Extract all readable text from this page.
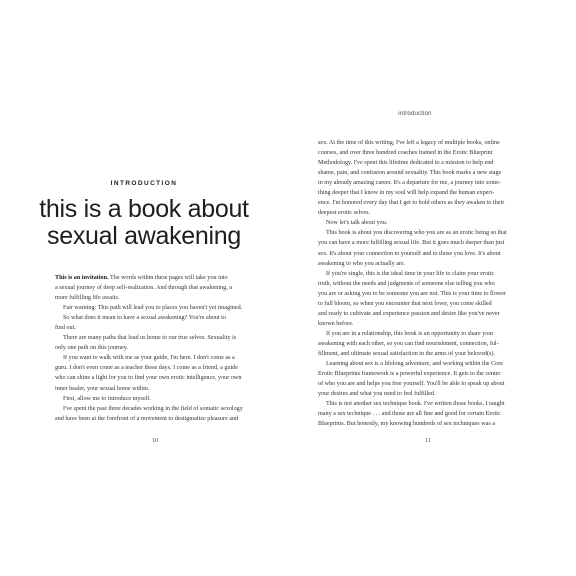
INTRODUCTION
this is a book about
sexual awakening
10

This is an invitation. The words within these pages will take you into

a sexual journey of deep self-realization. And through that awakening, a

more fulfilling life awaits.

Fair warning: This path will lead you to places you haven't yet imagined.

So what does it mean to have a sexual awakening? You're about to

find out.

There are many paths that lead us home to our true selves. Sexuality is

only one path on this journey.

If you want to walk with me as your guide, I'm here. I don't come as a

guru. I don't even come as a teacher these days. I come as a friend, a guide

who can shine a light for you to find your own erotic intelligence, your own

inner healer, your sexual home within.

First, allow me to introduce myself.

I've spent the past three decades working in the field of somatic sexology

and have been at the forefront of a movement to destigmatize pleasure and

introduction

sex. At the time of this writing, I've left a legacy of multiple books, online

courses, and over three hundred coaches trained in the Erotic Blueprint

Methodology. I've spent this lifetime dedicated to a mission to help end

shame, pain, and confusion around sexuality. This book marks a new stage

in my already amazing career. It's a departure for me, a journey into some-

thing deeper that I know in my soul will help expand the human experi-

ence. I'm honored every day that I get to hold others as they awaken to their

deepest erotic selves.

Now let's talk about you.

This book is about you discovering who you are as an erotic being so that

you can have a more fulfilling sexual life. But it goes much deeper than just

sex. It's about your connection to yourself and to those you love. It's about

awakening to who you actually are.

If you're single, this is the ideal time in your life to claim your erotic

truth, without the needs and judgments of someone else telling you who

you are or asking you to be someone you are not. This is your time to flower

to full bloom, so when you encounter that next lover, you come skilled

and ready to cultivate and experience passion and desire like you've never

known before.

If you are in a relationship, this book is an opportunity to share your

awakening with each other, so you can find nourishment, connection, ful-

fillment, and ultimate sexual satisfaction in the arms of your beloved(s).

Learning about sex is a lifelong adventure, and working within the Core

Erotic Blueprints framework is a powerful experience. It gets to the center

of who you are and helps you free yourself. You'll be able to speak up about

your desires and what you need to feel fulfilled.

This is not another sex technique book. I've written those books. I taught

many a sex technique . . . and those are all fine and good for certain Erotic

Blueprints. But honestly, my knowing hundreds of sex techniques was a

11
